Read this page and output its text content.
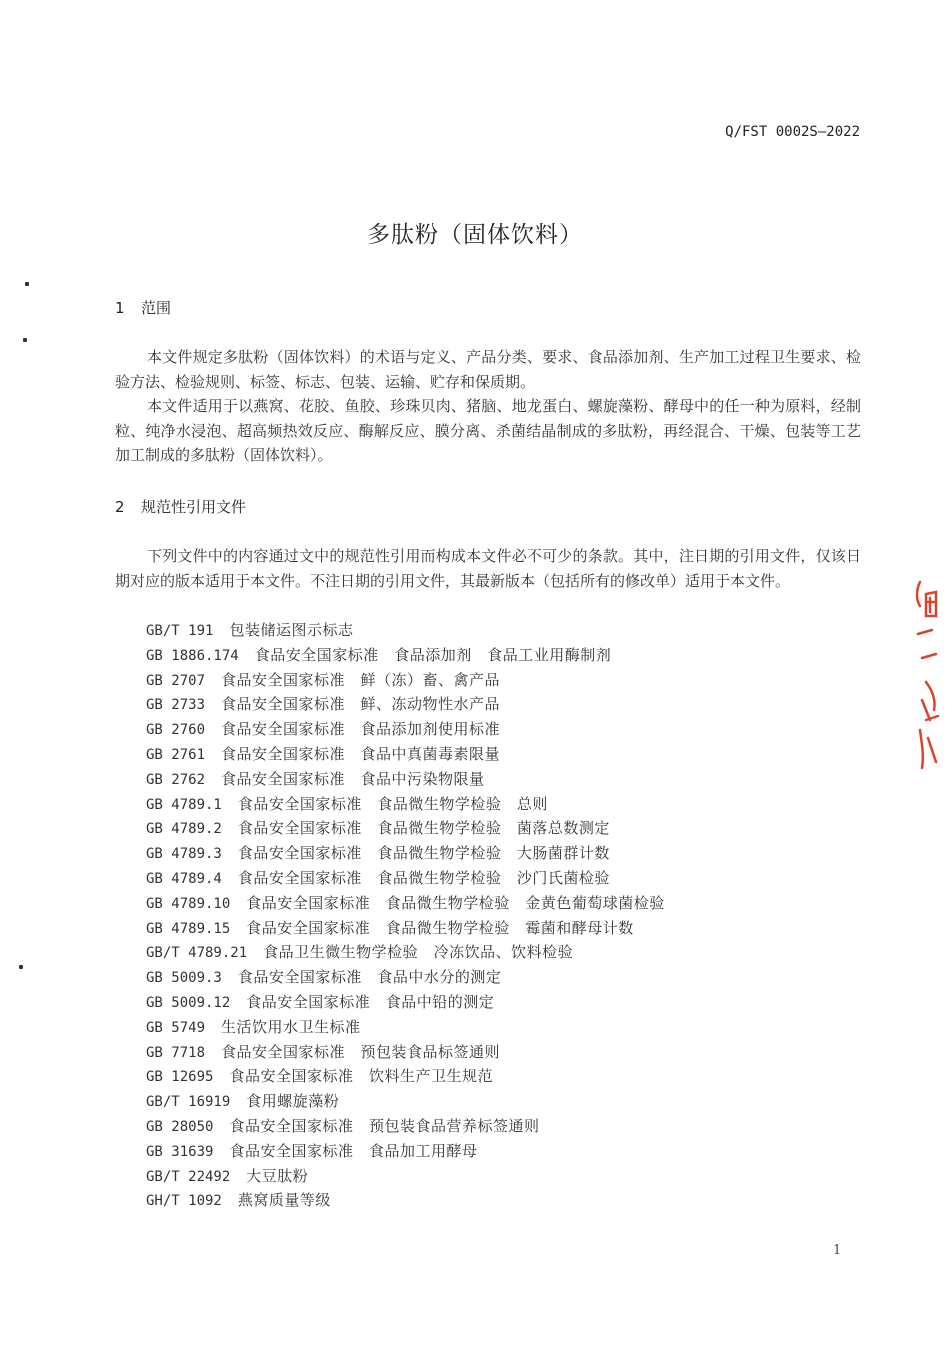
Q/FST 0002S—2022
多肽粉（固体饮料）
1 范围
本文件规定多肽粉（固体饮料）的术语与定义、产品分类、要求、食品添加剂、生产加工过程卫生要求、检验方法、检验规则、标签、标志、包装、运输、贮存和保质期。
本文件适用于以燕窝、花胶、鱼胶、珍珠贝肉、猪脑、地龙蛋白、螺旋藻粉、酵母中的任一种为原料，经制粒、纯净水浸泡、超高频热效反应、酶解反应、膜分离、杀菌结晶制成的多肽粉，再经混合、干燥、包装等工艺加工制成的多肽粉（固体饮料）。
2 规范性引用文件
下列文件中的内容通过文中的规范性引用而构成本文件必不可少的条款。其中，注日期的引用文件，仅该日期对应的版本适用于本文件。不注日期的引用文件，其最新版本（包括所有的修改单）适用于本文件。
GB/T 191 包装储运图示标志
GB 1886.174 食品安全国家标准　食品添加剂　食品工业用酶制剂
GB 2707 食品安全国家标准　鲜（冻）畜、禽产品
GB 2733 食品安全国家标准　鲜、冻动物性水产品
GB 2760 食品安全国家标准　食品添加剂使用标准
GB 2761 食品安全国家标准　食品中真菌毒素限量
GB 2762 食品安全国家标准　食品中污染物限量
GB 4789.1 食品安全国家标准　食品微生物学检验　总则
GB 4789.2 食品安全国家标准　食品微生物学检验　菌落总数测定
GB 4789.3 食品安全国家标准　食品微生物学检验　大肠菌群计数
GB 4789.4 食品安全国家标准　食品微生物学检验　沙门氏菌检验
GB 4789.10 食品安全国家标准　食品微生物学检验　金黄色葡萄球菌检验
GB 4789.15 食品安全国家标准　食品微生物学检验　霉菌和酵母计数
GB/T 4789.21 食品卫生微生物学检验　冷冻饮品、饮料检验
GB 5009.3 食品安全国家标准　食品中水分的测定
GB 5009.12 食品安全国家标准　食品中铅的测定
GB 5749 生活饮用水卫生标准
GB 7718 食品安全国家标准　预包装食品标签通则
GB 12695 食品安全国家标准　饮料生产卫生规范
GB/T 16919 食用螺旋藻粉
GB 28050 食品安全国家标准　预包装食品营养标签通则
GB 31639 食品安全国家标准　食品加工用酵母
GB/T 22492 大豆肽粉
GH/T 1092 燕窝质量等级
1
